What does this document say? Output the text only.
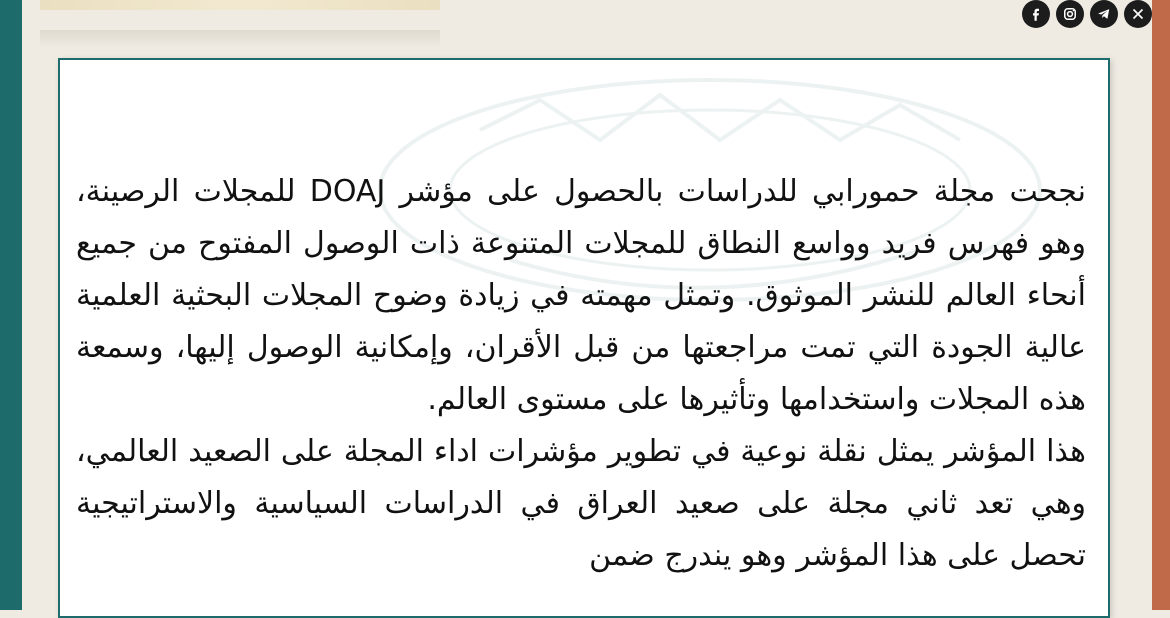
نجحت مجلة حمورابي للدراسات بالحصول على مؤشر DOAJ للمجلات الرصينة، وهو فهرس فريد وواسع النطاق للمجلات المتنوعة ذات الوصول المفتوح من جميع أنحاء العالم للنشر الموثوق. وتمثل مهمته في زيادة وضوح المجلات البحثية العلمية عالية الجودة التي تمت مراجعتها من قبل الأقران، وإمكانية الوصول إليها، وسمعة هذه المجلات واستخدامها وتأثيرها على مستوى العالم.

هذا المؤشر يمثل نقلة نوعية في تطوير مؤشرات اداء المجلة على الصعيد العالمي، وهي تعد ثاني مجلة على صعيد العراق في الدراسات السياسية والاستراتيجية تحصل على هذا المؤشر وهو يندرج ضمن
